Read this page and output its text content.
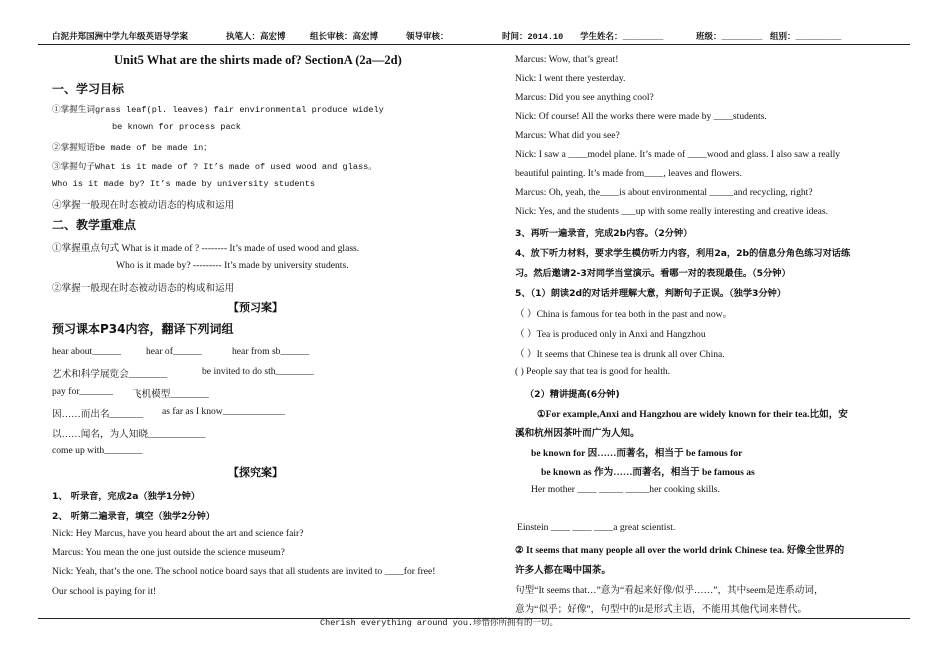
白泥井郑国洲中学九年级英语导学案	执笔人：高宏博	组长审核：高宏博	领导审核：	时间：2014.10 学生姓名：________	班级：________ 组别：_________
Unit5 What are the shirts made of? SectionA (2a—2d)
一、学习目标
①掌握生词grass leaf(pl. leaves) fair environmental produce widely
be known for process pack
②掌握短语be made of be made in；
③掌握句子What is it made of ? It’s made of used wood and glass。
Who is it made by? It’s made by university students
④掌握一般现在时态被动语态的构成和运用
二、教学重难点
①掌握重点句式 What is it made of ? -------- It’s made of used wood and glass.
Who is it made by? --------- It’s made by university students.
②掌握一般现在时态被动语态的构成和运用
【预习案】
预习课本P34内容，翻译下列词组
hear about______	hear of______	hear from sb______
艺术和科学展览会________	be invited to do sth________
pay for_______ 飞机模型________
因……而出名_______ as far as I know_____________
以……闻名，为人知晓____________
come up with________
【探究案】
1、 听录音，完成2a（独学1分钟）
2、 听第二遍录音，填空（独学2分钟）
Nick: Hey Marcus, have you heard about the art and science fair?
Marcus: You mean the one just outside the science museum?
Nick: Yeah, that’s the one. The school notice board says that all students are invited to ____for free!
Our school is paying for it!
Marcus: Wow, that’s great!
Nick: I went there yesterday.
Marcus: Did you see anything cool?
Nick: Of course! All the works there were made by ____students.
Marcus: What did you see?
Nick: I saw a ____model plane. It’s made of ____wood and glass. I also saw a really
beautiful painting. It’s made from____, leaves and flowers.
Marcus: Oh, yeah, the____is about environmental _____and recycling, right?
Nick: Yes, and the students ___up with some really interesting and creative ideas.
3、再听一遍录音，完成2b内容。（2分钟）
4、放下听力材料，要求学生模仿听力内容，利用2a，2b的信息分角色练习对话练
习。然后邀请2-3对同学当堂演示。看哪一对的表现最佳。（5分钟）
5、（1）朗读2d的对话并理解大意，判断句子正误。（独学3分钟）
（ ）China is famous for tea both in the past and now。
（ ）Tea is produced only in Anxi and Hangzhou
（ ）It seems that Chinese tea is drunk all over China.
( ) People say that tea is good for health.
（2）精讲提高(6分钟)
①For example,Anxi and Hangzhou are widely known for their tea.比如，安
溪和杭州因茶叶而广为人知。
be known for 因……而著名，相当于 be famous for
be known as 作为……而著名，相当于 be famous as
Her mother ____ _____ _____her cooking skills.
Einstein ____ ____ ____a great scientist.
② It seems that many people all over the world drink Chinese tea. 好像全世界的
许多人都在喝中国茶。
句型“It seems that…”意为“看起来好像/似乎……”，其中seem是连系动词，
意为“似乎；好像”，句型中的it是形式主语，不能用其他代词来替代。
Cherish everything around you.珍惜你所拥有的一切。
